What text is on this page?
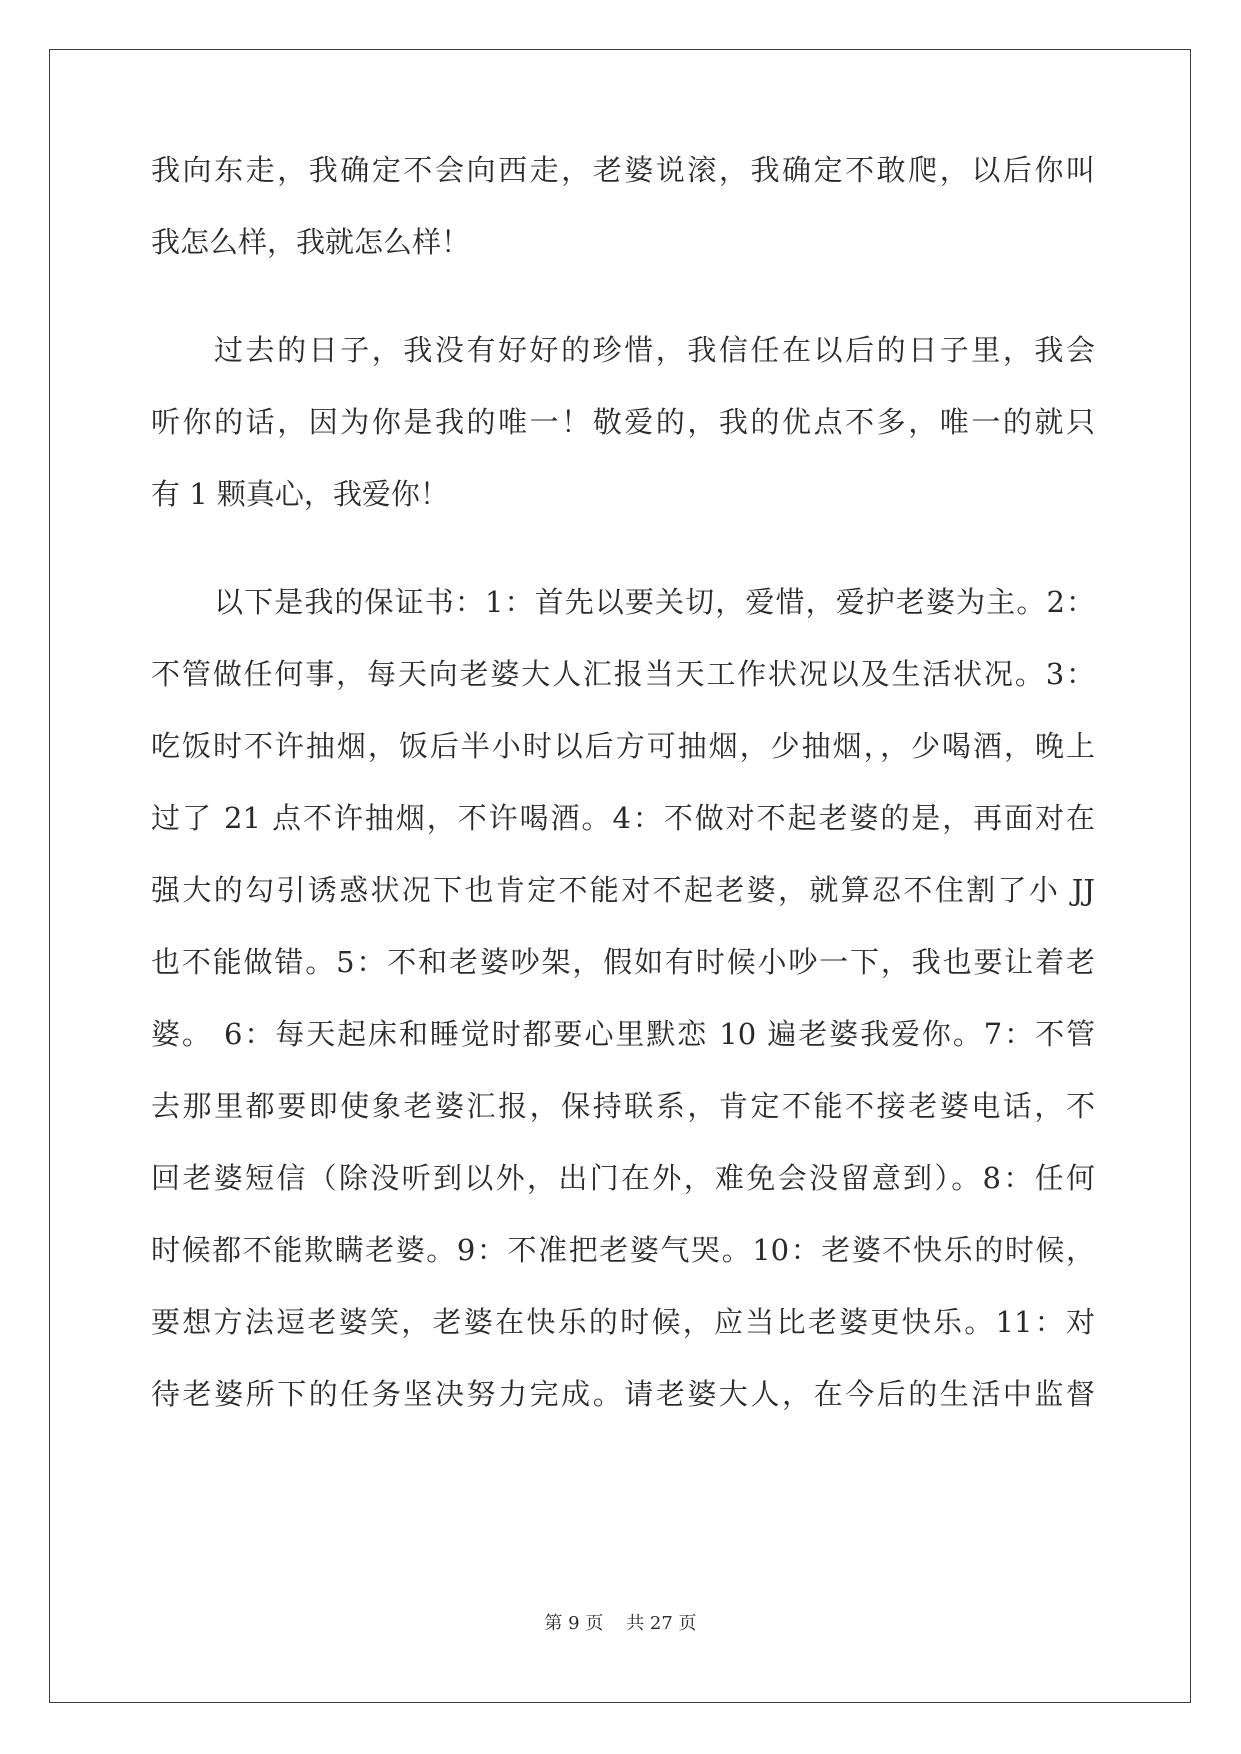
我向东走，我确定不会向西走，老婆说滚，我确定不敢爬，以后你叫
我怎么样，我就怎么样！
过去的日子，我没有好好的珍惜，我信任在以后的日子里，我会
听你的话，因为你是我的唯一！敬爱的，我的优点不多，唯一的就只
有 1 颗真心，我爱你！
以下是我的保证书：1：首先以要关切，爱惜，爱护老婆为主。2：
不管做任何事，每天向老婆大人汇报当天工作状况以及生活状况。3：
吃饭时不许抽烟，饭后半小时以后方可抽烟，少抽烟，，少喝酒，晚上
过了 21 点不许抽烟，不许喝酒。4：不做对不起老婆的是，再面对在
强大的勾引诱惑状况下也肯定不能对不起老婆，就算忍不住割了小 JJ
也不能做错。5：不和老婆吵架，假如有时候小吵一下，我也要让着老
婆。 6：每天起床和睡觉时都要心里默恋 10 遍老婆我爱你。7：不管
去那里都要即使象老婆汇报，保持联系，肯定不能不接老婆电话，不
回老婆短信（除没听到以外，出门在外，难免会没留意到）。8：任何
时候都不能欺瞒老婆。9：不准把老婆气哭。10：老婆不快乐的时候，
要想方法逗老婆笑，老婆在快乐的时候，应当比老婆更快乐。11：对
待老婆所下的任务坚决努力完成。请老婆大人，在今后的生活中监督
第 9 页    共 27 页
